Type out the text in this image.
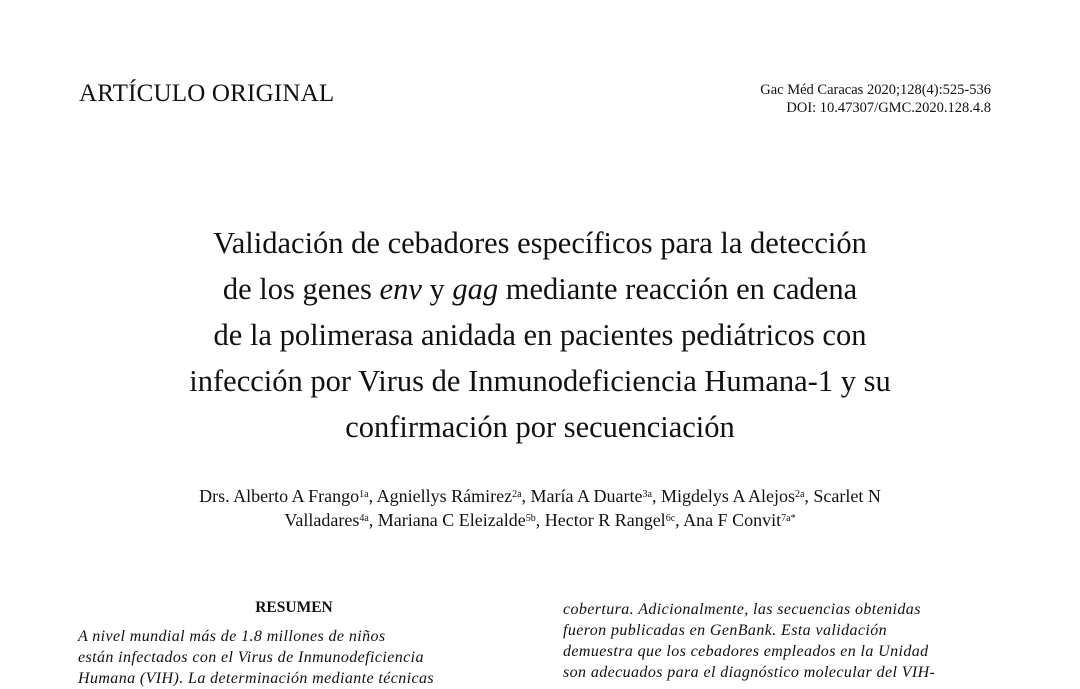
ARTÍCULO ORIGINAL	Gac Méd Caracas 2020;128(4):525-536
DOI: 10.47307/GMC.2020.128.4.8
Validación de cebadores específicos para la detección
de los genes env y gag mediante reacción en cadena
de la polimerasa anidada en pacientes pediátricos con
infección por Virus de Inmunodeficiencia Humana-1 y su
confirmación por secuenciación
Drs. Alberto A Frango$^{1a}$, Agniellys Rámirez$^{2a}$, María A Duarte$^{3a}$, Migdelys A Alejos$^{2a}$, Scarlet N
Valladares$^{4a}$, Mariana C Eleizalde$^{5b}$, Hector R Rangel$^{6c}$, Ana F Convit$^{7a*}$
RESUMEN
A nivel mundial más de 1.8 millones de niños
están infectados con el Virus de Inmunodeficiencia
Humana (VIH). La determinación mediante técnicas
cobertura. Adicionalmente, las secuencias obtenidas
fueron publicadas en GenBank. Esta validación
demuestra que los cebadores empleados en la Unidad
son adecuados para el diagnóstico molecular del VIH-
